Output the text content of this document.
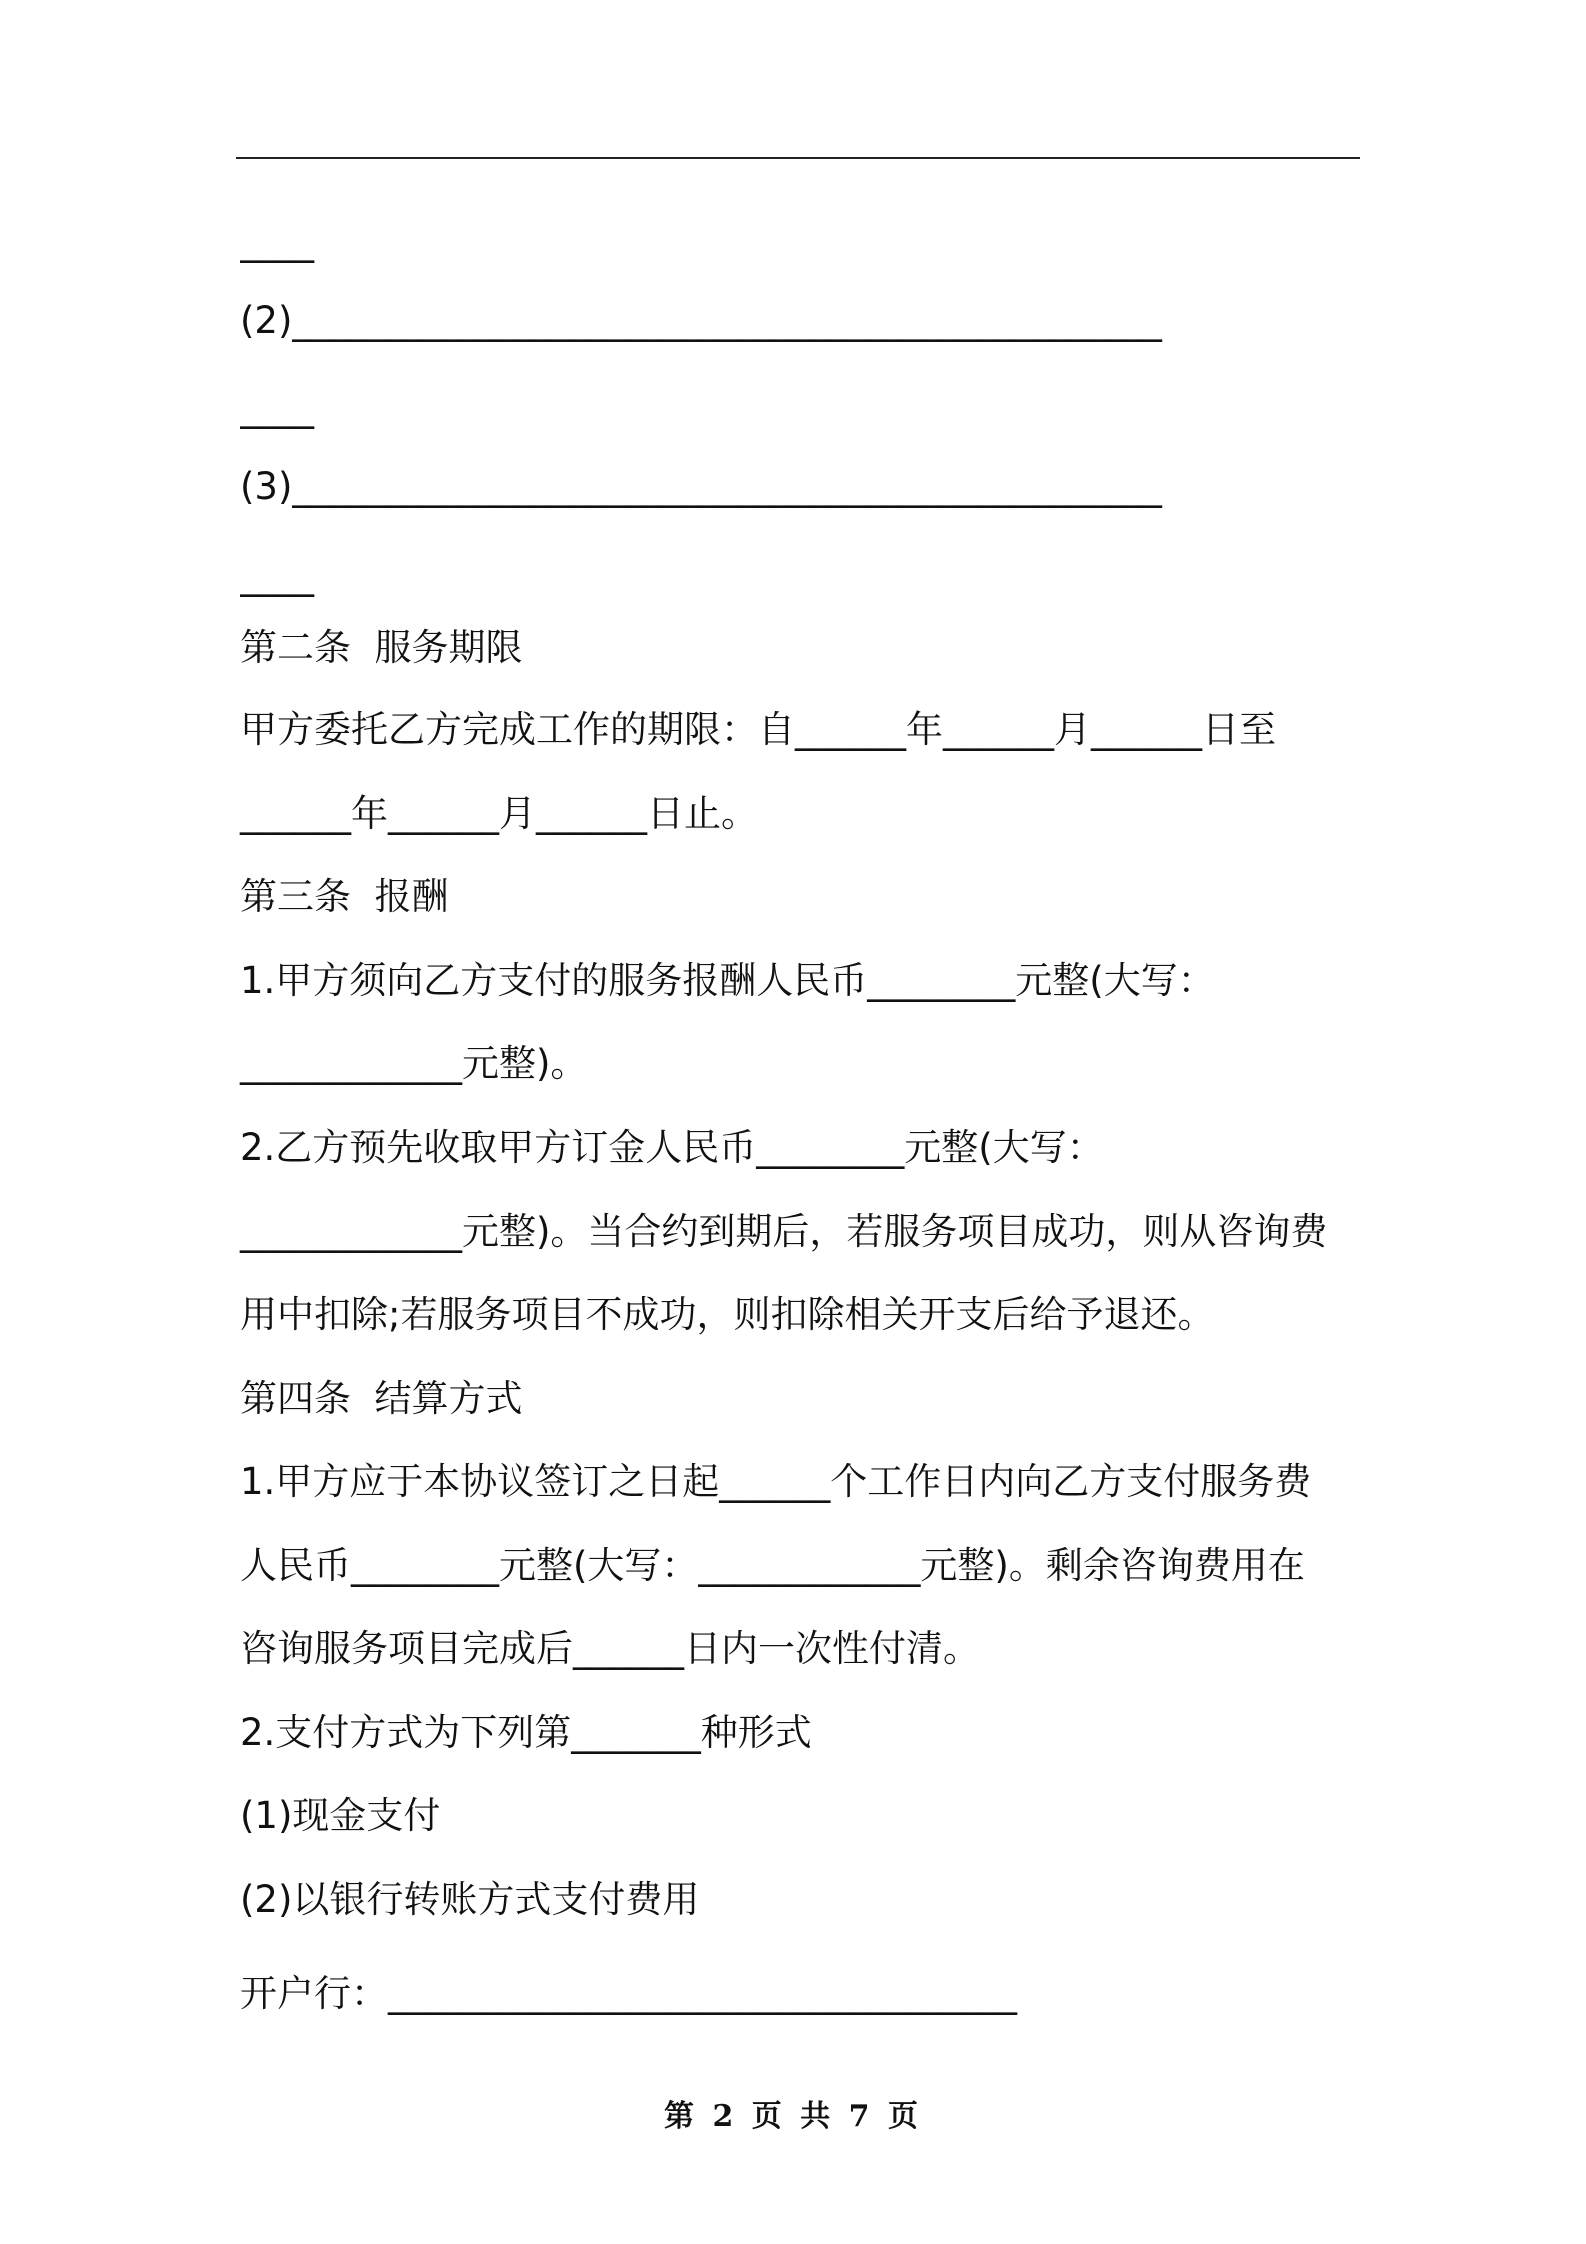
____
(2)_______________________________________________
____
(3)_______________________________________________
____
第二条  服务期限
甲方委托乙方完成工作的期限：自______年______月______日至
______年______月______日止。
第三条  报酬
1.甲方须向乙方支付的服务报酬人民币________元整(大写：
____________元整)。
2.乙方预先收取甲方订金人民币________元整(大写：
____________元整)。当合约到期后，若服务项目成功，则从咨询费
用中扣除;若服务项目不成功，则扣除相关开支后给予退还。
第四条  结算方式
1.甲方应于本协议签订之日起______个工作日内向乙方支付服务费
人民币________元整(大写：____________元整)。剩余咨询费用在
咨询服务项目完成后______日内一次性付清。
2.支付方式为下列第_______种形式
(1)现金支付
(2)以银行转账方式支付费用
开户行：__________________________________
第 2 页 共 7 页
